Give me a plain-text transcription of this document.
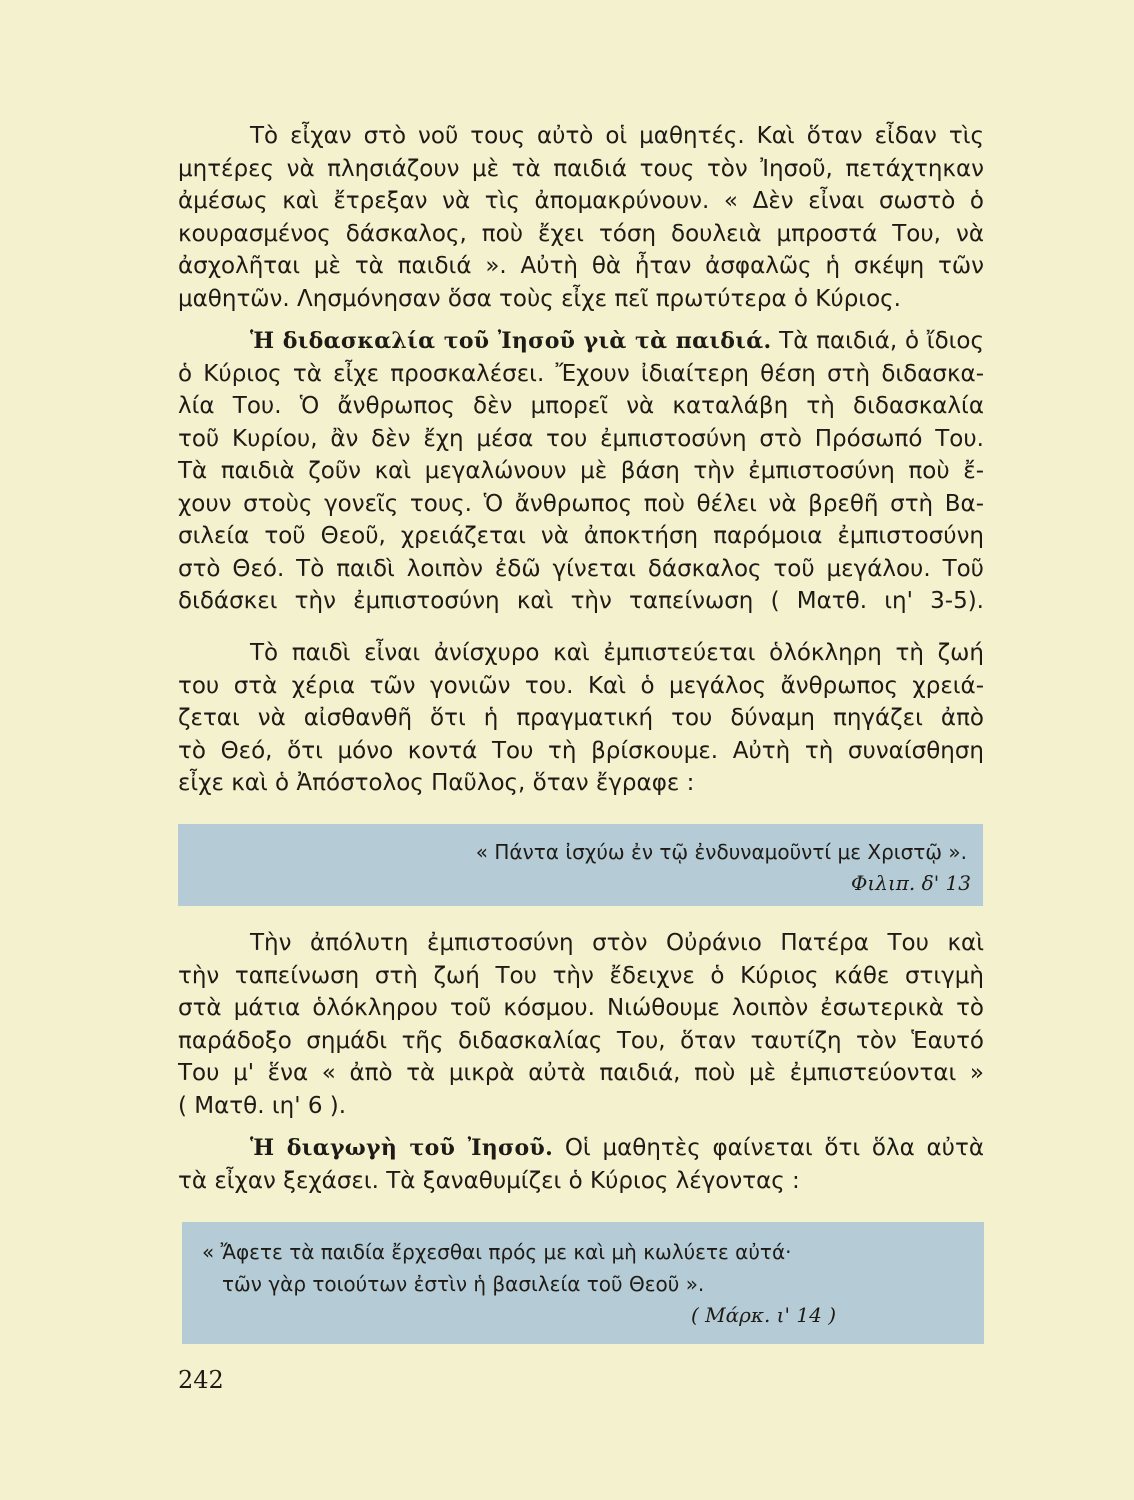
Τὸ εἶχαν στὸ νοῦ τους αὐτὸ οἱ μαθητές. Καὶ ὅταν εἶδαν τὶς
μητέρες νὰ πλησιάζουν μὲ τὰ παιδιά τους τὸν Ἰησοῦ, πετάχτηκαν
ἀμέσως καὶ ἔτρεξαν νὰ τὶς ἀπομακρύνουν. « Δὲν εἶναι σωστὸ ὁ
κουρασμένος δάσκαλος, ποὺ ἔχει τόση δουλειὰ μπροστά Του, νὰ
ἀσχολῆται μὲ τὰ παιδιά ». Αὐτὴ θὰ ἦταν ἀσφαλῶς ἡ σκέψη τῶν
μαθητῶν. Λησμόνησαν ὅσα τοὺς εἶχε πεῖ πρωτύτερα ὁ Κύριος.
Ἡ διδασκαλία τοῦ Ἰησοῦ γιὰ τὰ παιδιά. Τὰ παιδιά, ὁ ἴδιος
ὁ Κύριος τὰ εἶχε προσκαλέσει. Ἔχουν ἰδιαίτερη θέση στὴ διδασκα-
λία Του. Ὁ ἄνθρωπος δὲν μπορεῖ νὰ καταλάβη τὴ διδασκαλία
τοῦ Κυρίου, ἂν δὲν ἔχη μέσα του ἐμπιστοσύνη στὸ Πρόσωπό Του.
Τὰ παιδιὰ ζοῦν καὶ μεγαλώνουν μὲ βάση τὴν ἐμπιστοσύνη ποὺ ἔ-
χουν στοὺς γονεῖς τους. Ὁ ἄνθρωπος ποὺ θέλει νὰ βρεθῆ στὴ Βα-
σιλεία τοῦ Θεοῦ, χρειάζεται νὰ ἀποκτήση παρόμοια ἐμπιστοσύνη
στὸ Θεό. Τὸ παιδὶ λοιπὸν ἐδῶ γίνεται δάσκαλος τοῦ μεγάλου. Τοῦ
διδάσκει τὴν ἐμπιστοσύνη καὶ τὴν ταπείνωση ( Ματθ. ιη' 3-5).
Τὸ παιδὶ εἶναι ἀνίσχυρο καὶ ἐμπιστεύεται ὁλόκληρη τὴ ζωή
του στὰ χέρια τῶν γονιῶν του. Καὶ ὁ μεγάλος ἄνθρωπος χρειά-
ζεται νὰ αἰσθανθῆ ὅτι ἡ πραγματική του δύναμη πηγάζει ἀπὸ
τὸ Θεό, ὅτι μόνο κοντά Του τὴ βρίσκουμε. Αὐτὴ τὴ συναίσθηση
εἶχε καὶ ὁ Ἀπόστολος Παῦλος, ὅταν ἔγραφε :
« Πάντα ἰσχύω ἐν τῷ ἐνδυναμοῦντί με Χριστῷ ».
Φιλιπ. δ' 13
Τὴν ἀπόλυτη ἐμπιστοσύνη στὸν Οὐράνιο Πατέρα Του καὶ
τὴν ταπείνωση στὴ ζωή Του τὴν ἔδειχνε ὁ Κύριος κάθε στιγμὴ
στὰ μάτια ὁλόκληρου τοῦ κόσμου. Νιώθουμε λοιπὸν ἐσωτερικὰ τὸ
παράδοξο σημάδι τῆς διδασκαλίας Του, ὅταν ταυτίζη τὸν Ἑαυτό
Του μ' ἕνα « ἀπὸ τὰ μικρὰ αὐτὰ παιδιά, ποὺ μὲ ἐμπιστεύονται »
( Ματθ. ιη' 6 ).
Ἡ διαγωγὴ τοῦ Ἰησοῦ. Οἱ μαθητὲς φαίνεται ὅτι ὅλα αὐτὰ
τὰ εἶχαν ξεχάσει. Τὰ ξαναθυμίζει ὁ Κύριος λέγοντας :
« Ἄφετε τὰ παιδία ἔρχεσθαι πρός με καὶ μὴ κωλύετε αὐτά·
τῶν γὰρ τοιούτων ἐστὶν ἡ βασιλεία τοῦ Θεοῦ ».
( Μάρκ. ι' 14 )
242
